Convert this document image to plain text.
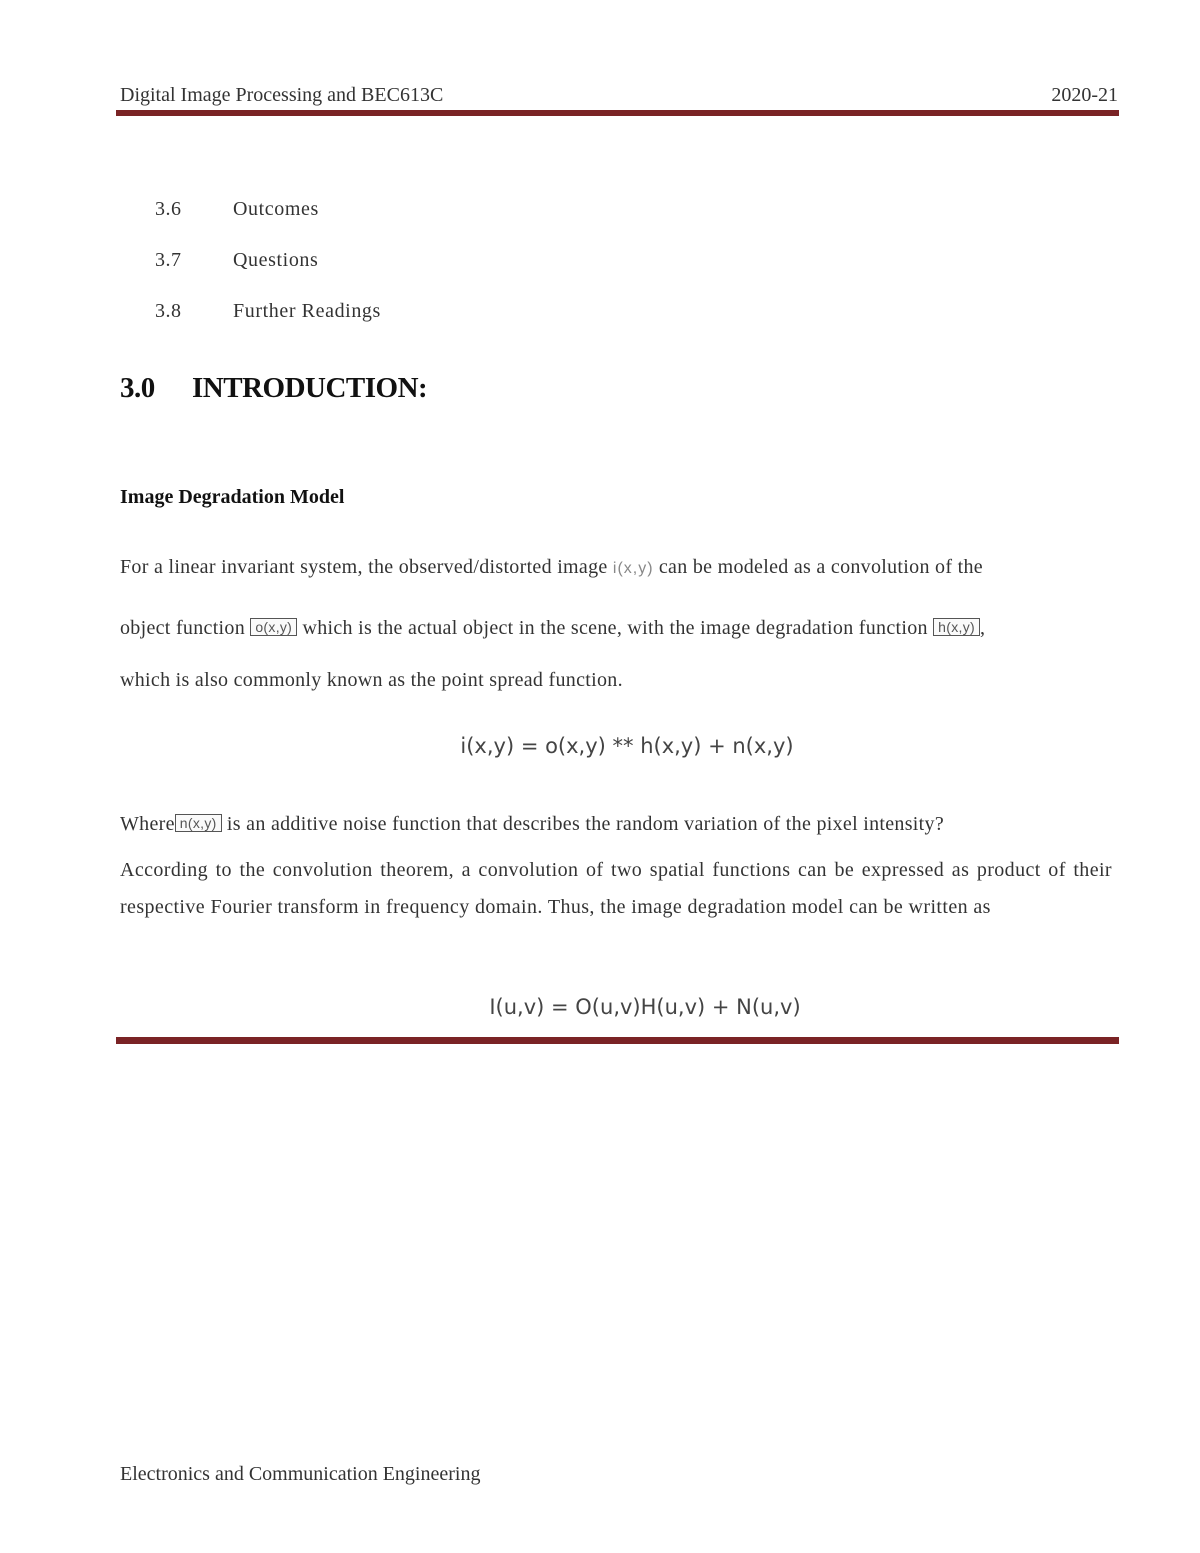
Digital Image Processing and BEC613C	2020-21
3.6	Outcomes
3.7	Questions
3.8	Further Readings
3.0 INTRODUCTION:
Image Degradation Model
For a linear invariant system, the observed/distorted image i(x,y) can be modeled as a convolution of the
object function o(x,y) which is the actual object in the scene, with the image degradation function h(x,y) ,
which is also commonly known as the point spread function.
i(x,y) = o(x,y) ** h(x,y) + n(x,y)
Where n(x,y) is an additive noise function that describes the random variation of the pixel intensity?
According to the convolution theorem, a convolution of two spatial functions can be expressed as product of their respective Fourier transform in frequency domain. Thus, the image degradation model can be written as
I(u,v) = O(u,v)H(u,v) + N(u,v)
Electronics and Communication Engineering
